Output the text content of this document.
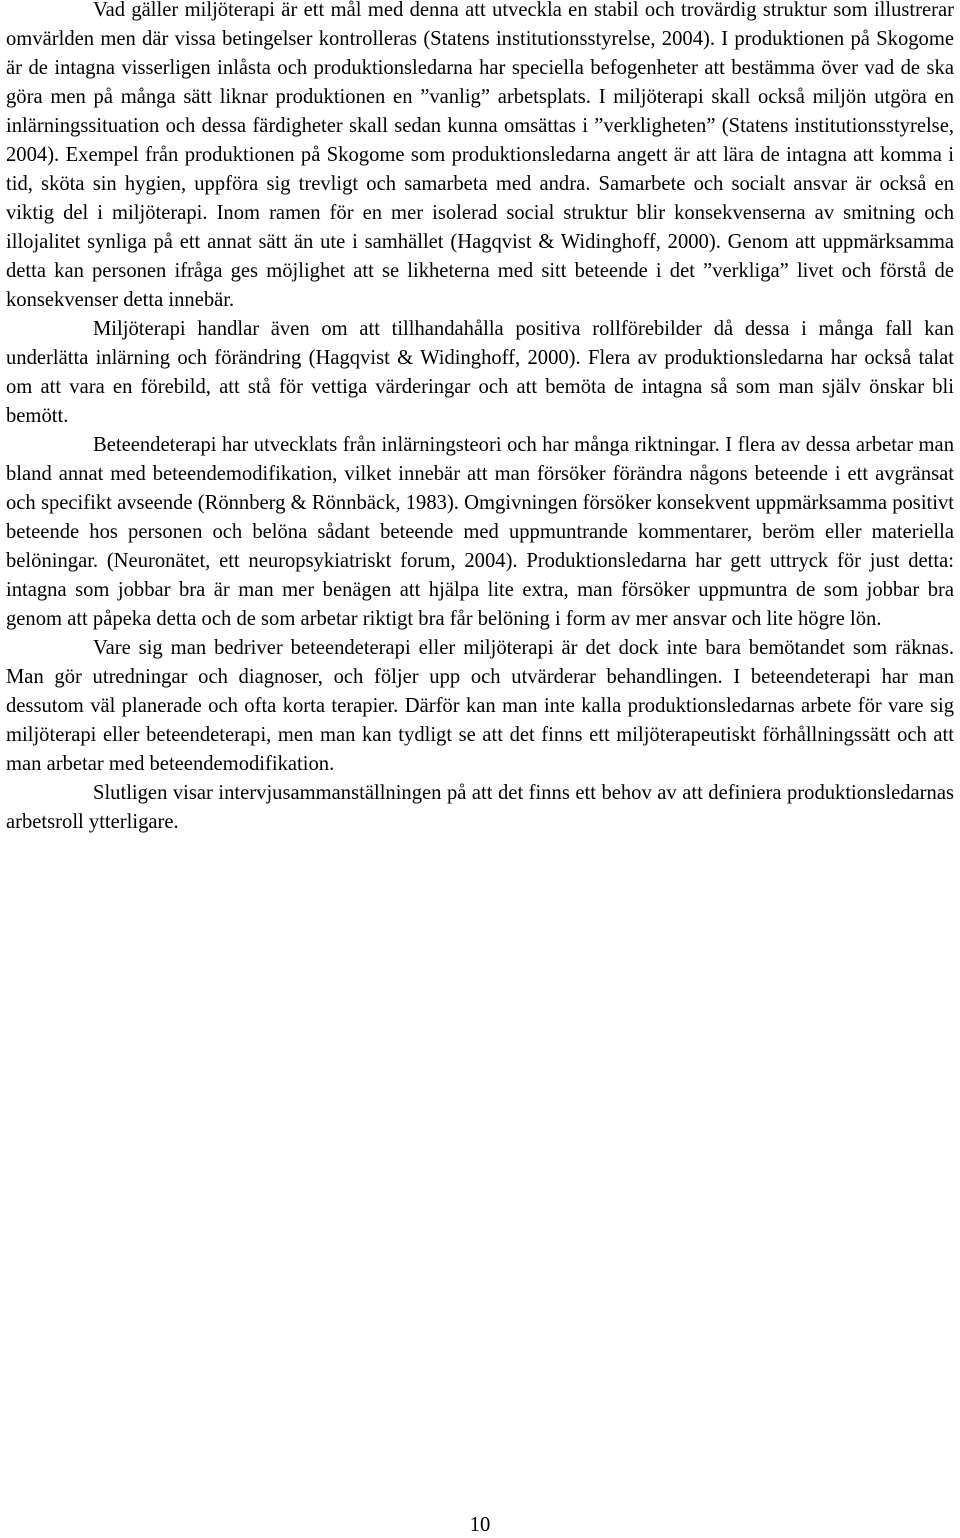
Vad gäller miljöterapi är ett mål med denna att utveckla en stabil och trovärdig struktur som illustrerar omvärlden men där vissa betingelser kontrolleras (Statens institutionsstyrelse, 2004). I produktionen på Skogome är de intagna visserligen inlåsta och produktionsledarna har speciella befogenheter att bestämma över vad de ska göra men på många sätt liknar produktionen en ”vanlig” arbetsplats. I miljöterapi skall också miljön utgöra en inlärningssituation och dessa färdigheter skall sedan kunna omsättas i ”verkligheten” (Statens institutionsstyrelse, 2004). Exempel från produktionen på Skogome som produktionsledarna angett är att lära de intagna att komma i tid, sköta sin hygien, uppföra sig trevligt och samarbeta med andra. Samarbete och socialt ansvar är också en viktig del i miljöterapi. Inom ramen för en mer isolerad social struktur blir konsekvenserna av smitning och illojalitet synliga på ett annat sätt än ute i samhället (Hagqvist & Widinghoff, 2000). Genom att uppmärksamma detta kan personen ifråga ges möjlighet att se likheterna med sitt beteende i det ”verkliga” livet och förstå de konsekvenser detta innebär.

Miljöterapi handlar även om att tillhandahålla positiva rollförebilder då dessa i många fall kan underlätta inlärning och förändring (Hagqvist & Widinghoff, 2000). Flera av produktionsledarna har också talat om att vara en förebild, att stå för vettiga värderingar och att bemöta de intagna så som man själv önskar bli bemött.

Beteendeterapi har utvecklats från inlärningsteori och har många riktningar. I flera av dessa arbetar man bland annat med beteendemodifikation, vilket innebär att man försöker förändra någons beteende i ett avgränsat och specifikt avseende (Rönnberg & Rönnbäck, 1983). Omgivningen försöker konsekvent uppmärksamma positivt beteende hos personen och belöna sådant beteende med uppmuntrande kommentarer, beröm eller materiella belöningar. (Neuronätet, ett neuropsykiatriskt forum, 2004). Produktionsledarna har gett uttryck för just detta: intagna som jobbar bra är man mer benägen att hjälpa lite extra, man försöker uppmuntra de som jobbar bra genom att påpeka detta och de som arbetar riktigt bra får belöning i form av mer ansvar och lite högre lön.

Vare sig man bedriver beteendeterapi eller miljöterapi är det dock inte bara bemötandet som räknas. Man gör utredningar och diagnoser, och följer upp och utvärderar behandlingen. I beteendeterapi har man dessutom väl planerade och ofta korta terapier. Därför kan man inte kalla produktionsledarnas arbete för vare sig miljöterapi eller beteendeterapi, men man kan tydligt se att det finns ett miljöterapeutiskt förhållningssätt och att man arbetar med beteendemodifikation.

Slutligen visar intervjusammanställningen på att det finns ett behov av att definiera produktionsledarnas arbetsroll ytterligare.

10
